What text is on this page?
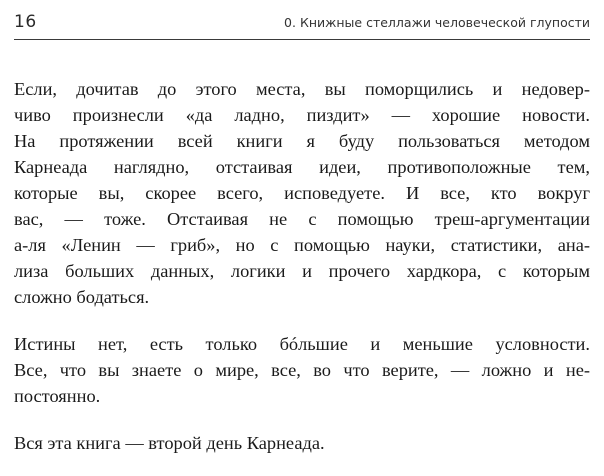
16	0. Книжные стеллажи человеческой глупости

Если, дочитав до этого места, вы поморщились и недовер-
чиво произнесли «да ладно, пиздит» — хорошие новости.
На протяжении всей книги я буду пользоваться методом
Карнеада наглядно, отстаивая идеи, противоположные тем,
которые вы, скорее всего, исповедуете. И все, кто вокруг
вас, — тоже. Отстаивая не с помощью треш-аргументации
а-ля «Ленин — гриб», но с помощью науки, статистики, ана-
лиза больших данных, логики и прочего хардкора, с которым
сложно бодаться.

Истины нет, есть только бóльшие и меньшие условности.
Все, что вы знаете о мире, все, во что верите, — ложно и не-
постоянно.

Вся эта книга — второй день Карнеада.
